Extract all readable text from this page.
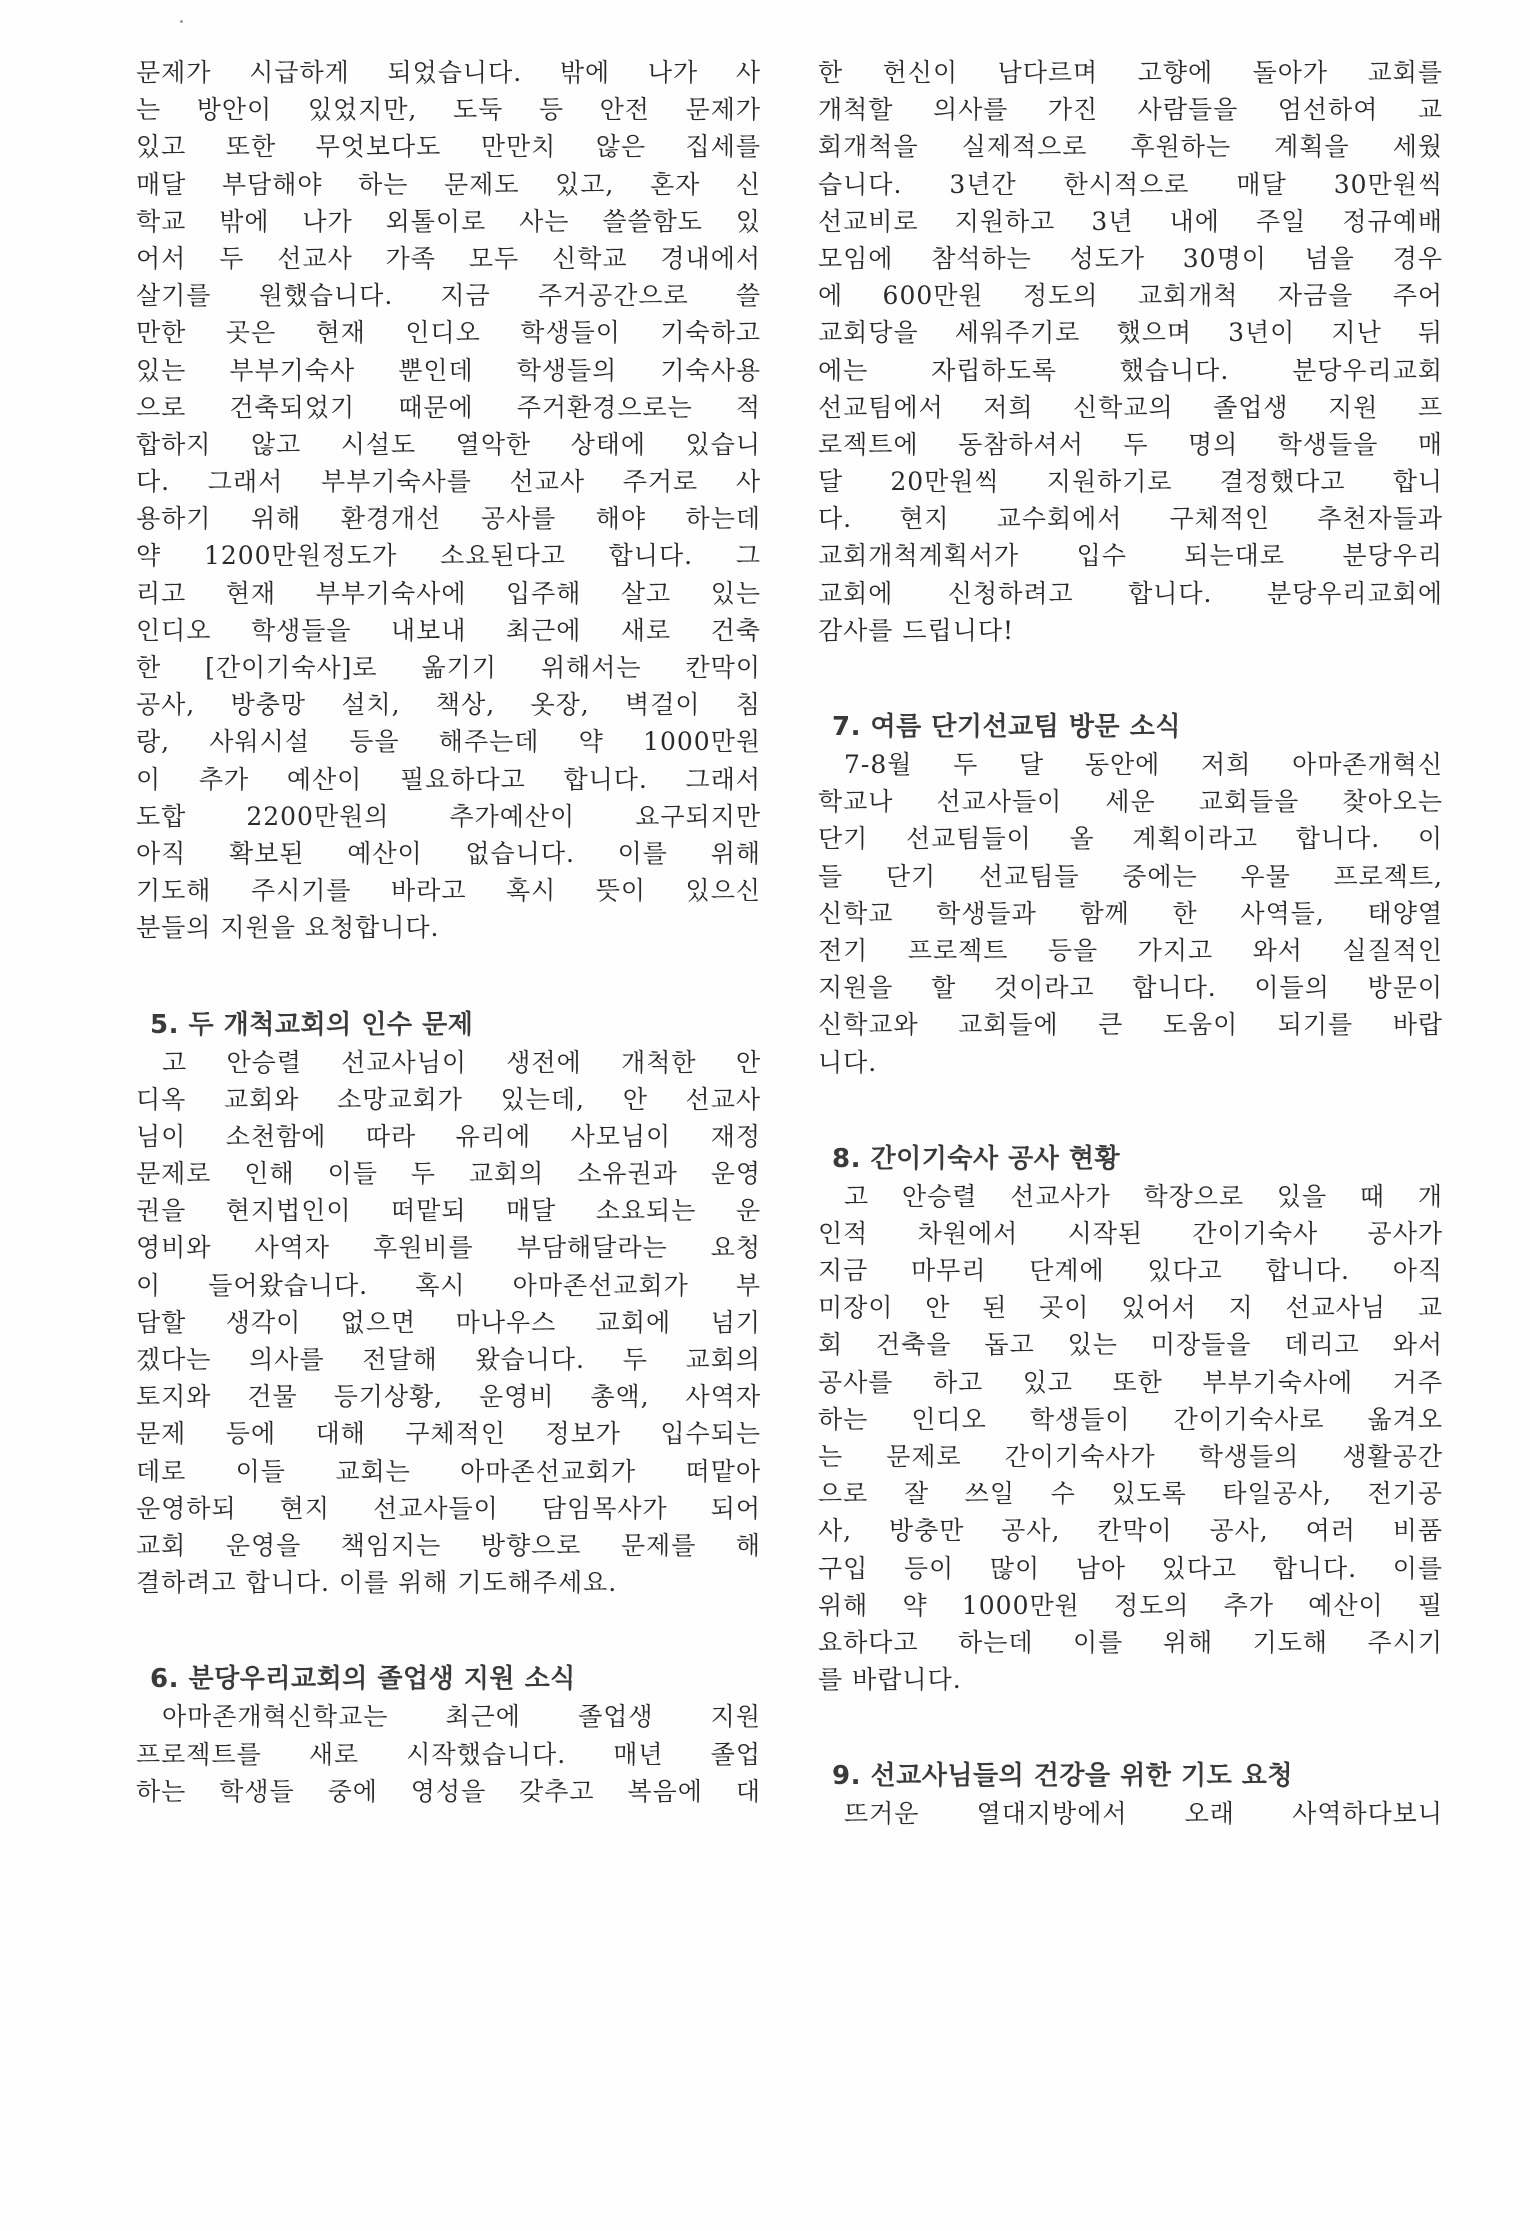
문제가 시급하게 되었습니다. 밖에 나가 사
는 방안이 있었지만, 도둑 등 안전 문제가
있고 또한 무엇보다도 만만치 않은 집세를
매달 부담해야 하는 문제도 있고, 혼자 신
학교 밖에 나가 외톨이로 사는 쓸쓸함도 있
어서 두 선교사 가족 모두 신학교 경내에서
살기를 원했습니다. 지금 주거공간으로 쓸
만한 곳은 현재 인디오 학생들이 기숙하고
있는 부부기숙사 뿐인데 학생들의 기숙사용
으로 건축되었기 때문에 주거환경으로는 적
합하지 않고 시설도 열악한 상태에 있습니
다. 그래서 부부기숙사를 선교사 주거로 사
용하기 위해 환경개선 공사를 해야 하는데
약 1200만원정도가 소요된다고 합니다. 그
리고 현재 부부기숙사에 입주해 살고 있는
인디오 학생들을 내보내 최근에 새로 건축
한 [간이기숙사]로 옮기기 위해서는 칸막이
공사, 방충망 설치, 책상, 옷장, 벽걸이 침
랑, 사워시설 등을 해주는데 약 1000만원
이 추가 예산이 필요하다고 합니다. 그래서
도합 2200만원의 추가예산이 요구되지만
아직 확보된 예산이 없습니다. 이를 위해
기도해 주시기를 바라고 혹시 뜻이 있으신
분들의 지원을 요청합니다.
5. 두 개척교회의 인수 문제
고 안승렬 선교사님이 생전에 개척한 안
디옥 교회와 소망교회가 있는데, 안 선교사
님이 소천함에 따라 유리에 사모님이 재정
문제로 인해 이들 두 교회의 소유권과 운영
권을 현지법인이 떠맡되 매달 소요되는 운
영비와 사역자 후원비를 부담해달라는 요청
이 들어왔습니다. 혹시 아마존선교회가 부
담할 생각이 없으면 마나우스 교회에 넘기
겠다는 의사를 전달해 왔습니다. 두 교회의
토지와 건물 등기상황, 운영비 총액, 사역자
문제 등에 대해 구체적인 정보가 입수되는
데로 이들 교회는 아마존선교회가 떠맡아
운영하되 현지 선교사들이 담임목사가 되어
교회 운영을 책임지는 방향으로 문제를 해
결하려고 합니다. 이를 위해 기도해주세요.
6. 분당우리교회의 졸업생 지원 소식
아마존개혁신학교는 최근에 졸업생 지원
프로젝트를 새로 시작했습니다. 매년 졸업
하는 학생들 중에 영성을 갖추고 복음에 대
한 헌신이 남다르며 고향에 돌아가 교회를
개척할 의사를 가진 사람들을 엄선하여 교
회개척을 실제적으로 후원하는 계획을 세웠
습니다. 3년간 한시적으로 매달 30만원씩
선교비로 지원하고 3년 내에 주일 정규예배
모임에 참석하는 성도가 30명이 넘을 경우
에 600만원 정도의 교회개척 자금을 주어
교회당을 세워주기로 했으며 3년이 지난 뒤
에는 자립하도록 했습니다. 분당우리교회
선교팀에서 저희 신학교의 졸업생 지원 프
로젝트에 동참하셔서 두 명의 학생들을 매
달 20만원씩 지원하기로 결정했다고 합니
다. 현지 교수회에서 구체적인 추천자들과
교회개척계획서가 입수 되는대로 분당우리
교회에 신청하려고 합니다. 분당우리교회에
감사를 드립니다!
7. 여름 단기선교팀 방문 소식
7-8월 두 달 동안에 저희 아마존개혁신
학교나 선교사들이 세운 교회들을 찾아오는
단기 선교팀들이 올 계획이라고 합니다. 이
들 단기 선교팀들 중에는 우물 프로젝트,
신학교 학생들과 함께 한 사역들, 태양열
전기 프로젝트 등을 가지고 와서 실질적인
지원을 할 것이라고 합니다. 이들의 방문이
신학교와 교회들에 큰 도움이 되기를 바랍
니다.
8. 간이기숙사 공사 현황
고 안승렬 선교사가 학장으로 있을 때 개
인적 차원에서 시작된 간이기숙사 공사가
지금 마무리 단계에 있다고 합니다. 아직
미장이 안 된 곳이 있어서 지 선교사님 교
회 건축을 돕고 있는 미장들을 데리고 와서
공사를 하고 있고 또한 부부기숙사에 거주
하는 인디오 학생들이 간이기숙사로 옮겨오
는 문제로 간이기숙사가 학생들의 생활공간
으로 잘 쓰일 수 있도록 타일공사, 전기공
사, 방충만 공사, 칸막이 공사, 여러 비품
구입 등이 많이 남아 있다고 합니다. 이를
위해 약 1000만원 정도의 추가 예산이 필
요하다고 하는데 이를 위해 기도해 주시기
를 바랍니다.
9. 선교사님들의 건강을 위한 기도 요청
뜨거운 열대지방에서 오래 사역하다보니
